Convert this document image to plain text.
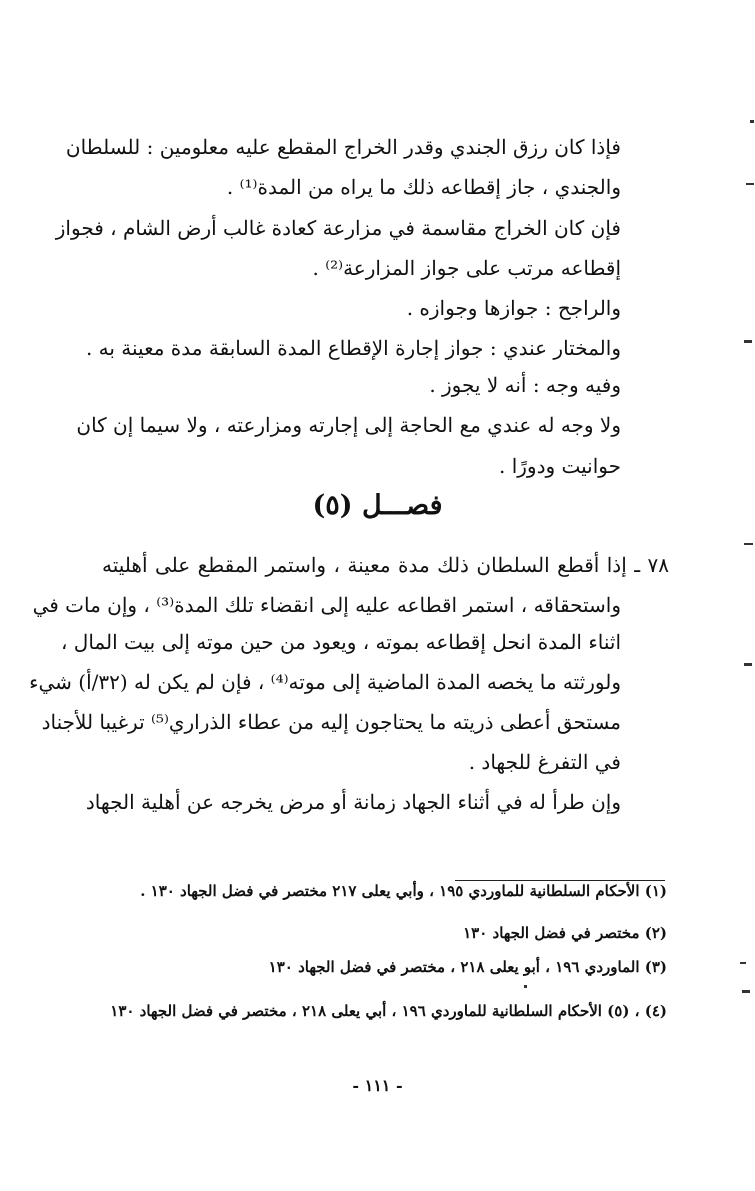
فإذا كان رزق الجندي وقدر الخراج المقطع عليه معلومين : للسلطان
والجندي ، جاز إقطاعه ذلك ما يراه من المدة⁽¹⁾ .
فإن كان الخراج مقاسمة في مزارعة كعادة غالب أرض الشام ، فجواز
إقطاعه مرتب على جواز المزارعة⁽²⁾ .
والراجح : جوازها وجوازه .
والمختار عندي : جواز إجارة الإقطاع المدة السابقة مدة معينة به .
وفيه وجه : أنه لا يجوز .
ولا وجه له عندي مع الحاجة إلى إجارته ومزارعته ، ولا سيما إن كان
حوانيت ودورًا .
فصـــل (٥)
٧٨ ـ إذا أقطع السلطان ذلك مدة معينة ، واستمر المقطع على أهليته
واستحقاقه ، استمر اقطاعه عليه إلى انقضاء تلك المدة⁽³⁾ ، وإن مات في
اثناء المدة انحل إقطاعه بموته ، ويعود من حين موته إلى بيت المال ،
ولورثته ما يخصه المدة الماضية إلى موته⁽⁴⁾ ، فإن لم يكن له (٣٢/أ) شيء
مستحق أعطى ذريته ما يحتاجون إليه من عطاء الذراري⁽⁵⁾ ترغيبا للأجناد
في التفرغ للجهاد .
وإن طرأ له في أثناء الجهاد زمانة أو مرض يخرجه عن أهلية الجهاد
(١) الأحكام السلطانية للماوردي ١٩٥ ، وأبي يعلى ٢١٧ مختصر في فضل الجهاد ١٣٠ .
(٢) مختصر في فضل الجهاد ١٣٠
(٣) الماوردي ١٩٦ ، أبو يعلى ٢١٨ ، مختصر في فضل الجهاد ١٣٠
(٤) ، (٥) الأحكام السلطانية للماوردي ١٩٦ ، أبي يعلى ٢١٨ ، مختصر في فضل الجهاد ١٣٠
- ١١١ -
